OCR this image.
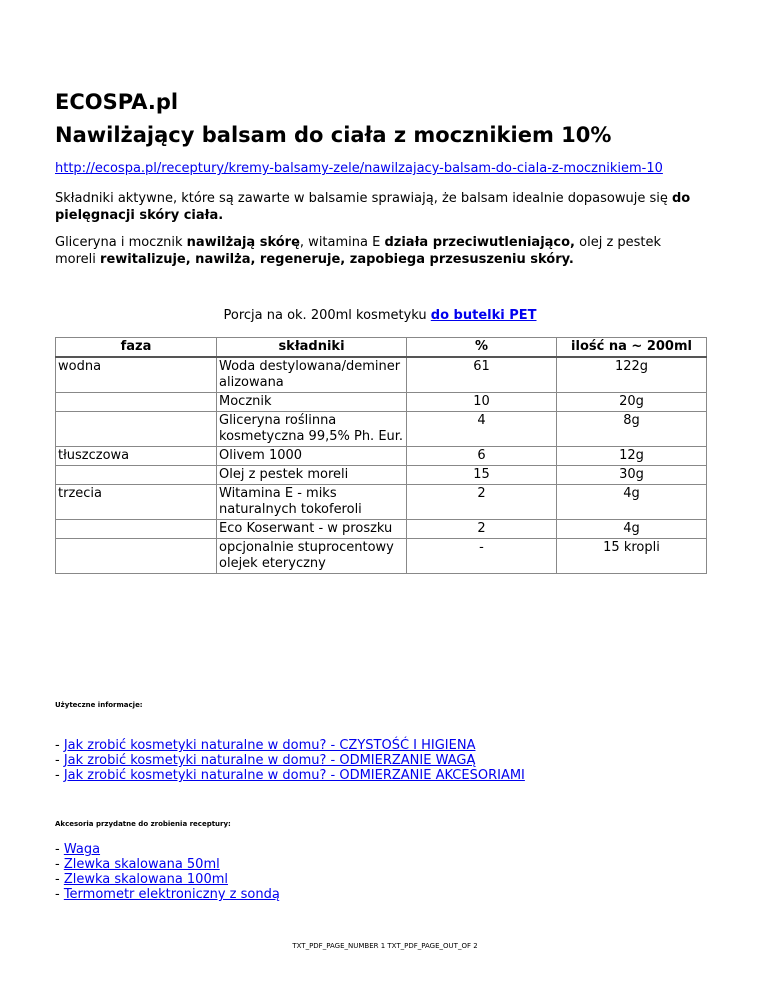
ECOSPA.pl
Nawilżający balsam do ciała z mocznikiem 10%
http://ecospa.pl/receptury/kremy-balsamy-zele/nawilzajacy-balsam-do-ciala-z-mocznikiem-10

Składniki aktywne, które są zawarte w balsamie sprawiają, że balsam idealnie dopasowuje się do pielęgnacji skóry ciała.

Gliceryna i mocznik nawilżają skórę, witamina E działa przeciwutleniająco, olej z pestek moreli rewitalizuje, nawilża, regeneruje, zapobiega przesuszeniu skóry.

Porcja na ok. 200ml kosmetyku do butelki PET
faza	składniki	%	ilość na ~ 200ml
wodna	Woda destylowana/demineralizowana	61	122g
	Mocznik	10	20g
	Gliceryna roślinna kosmetyczna 99,5% Ph. Eur.	4	8g
tłuszczowa	Olivem 1000	6	12g
	Olej z pestek moreli	15	30g
trzecia	Witamina E - miks naturalnych tokoferoli	2	4g
	Eco Koserwant - w proszku	2	4g
	opcjonalnie stuprocentowy olejek eteryczny	-	15 kropli
Użyteczne informacje:
- Jak zrobić kosmetyki naturalne w domu? - CZYSTOŚĆ I HIGIENA
- Jak zrobić kosmetyki naturalne w domu? - ODMIERZANIE WAGĄ
- Jak zrobić kosmetyki naturalne w domu? - ODMIERZANIE AKCESORIAMI
Akcesoria przydatne do zrobienia receptury:
- Waga
- Zlewka skalowana 50ml
- Zlewka skalowana 100ml
- Termometr elektroniczny z sondą
TXT_PDF_PAGE_NUMBER 1 TXT_PDF_PAGE_OUT_OF 2
